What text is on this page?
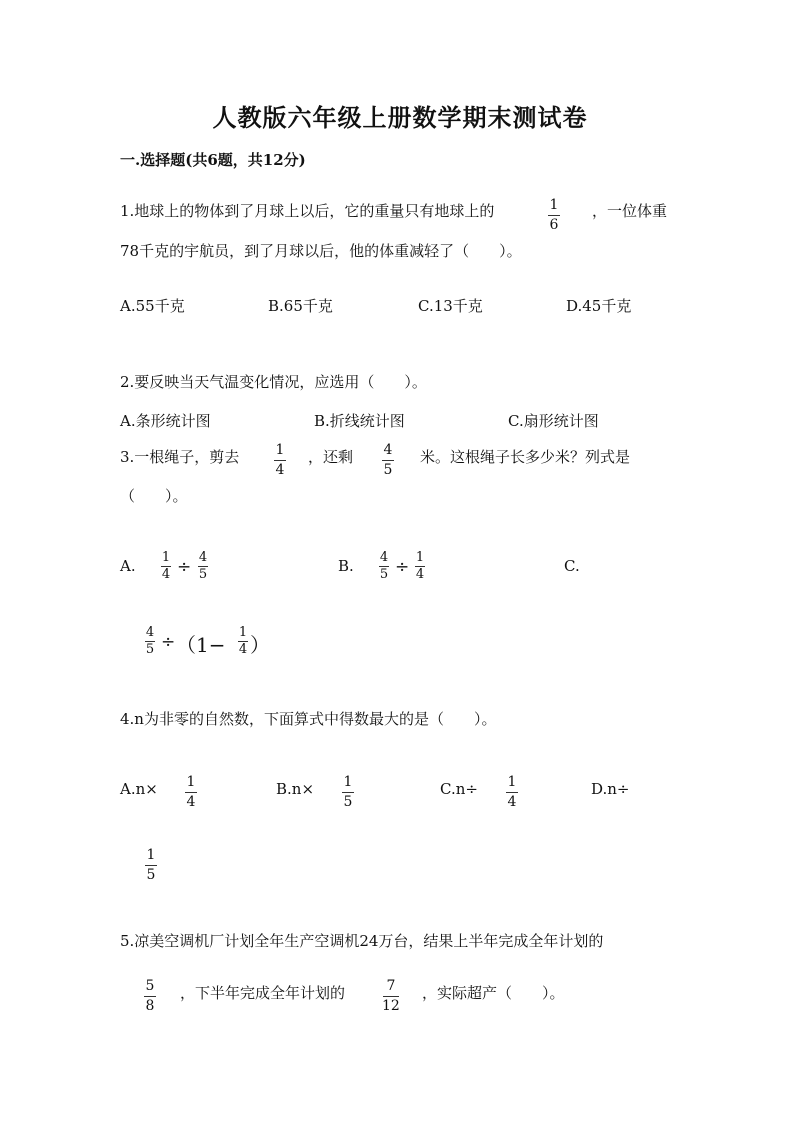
人教版六年级上册数学期末测试卷
一.选择题(共6题，共12分)
1.地球上的物体到了月球上以后，它的重量只有地球上的	1
6
，一位体重
78千克的宇航员，到了月球以后，他的体重减轻了（　　）。
A.55千克	B.65千克	C.13千克	D.45千克
2.要反映当天气温变化情况，应选用（　　）。
A.条形统计图	B.折线统计图	C.扇形统计图
3.一根绳子，剪去	1
4
，还剩 4
5
米。这根绳子长多少米？列式是
（　　）。
A. 1
4 ÷ 4
5	B. 4
5 ÷ 1
4	C.
4
5 ÷ （1−
1
4 ）
4.n为非零的自然数，下面算式中得数最大的是（　　）。
A.n× 1
4
B.n× 1
5
C.n÷ 1
4
D.n÷
1
5
5.凉美空调机厂计划全年生产空调机24万台，结果上半年完成全年计划的
5
8
，下半年完成全年计划的	7
12
，实际超产（　　）。
